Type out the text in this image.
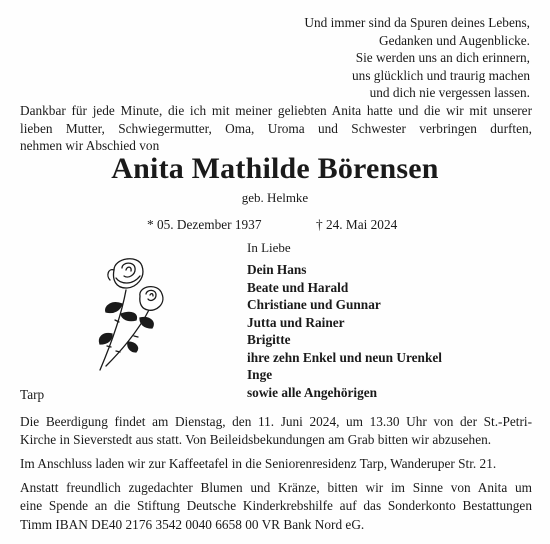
Und immer sind da Spuren deines Lebens,
Gedanken und Augenblicke.
Sie werden uns an dich erinnern,
uns glücklich und traurig machen
und dich nie vergessen lassen.
Dankbar für jede Minute, die ich mit meiner geliebten Anita hatte und die wir mit unserer
lieben Mutter, Schwiegermutter, Oma, Uroma und Schwester verbringen durften,
nehmen wir Abschied von
Anita Mathilde Börensen
geb. Helmke
* 05. Dezember 1937	† 24. Mai 2024
In Liebe
Dein Hans
Beate und Harald
Christiane und Gunnar
Jutta und Rainer
Brigitte
ihre zehn Enkel und neun Urenkel
Inge
sowie alle Angehörigen
Tarp
Die Beerdigung findet am Dienstag, den 11. Juni 2024, um 13.30 Uhr von der St.-Petri-
Kirche in Sieverstedt aus statt. Von Beileidsbekundungen am Grab bitten wir abzusehen.
Im Anschluss laden wir zur Kaffeetafel in die Seniorenresidenz Tarp, Wanderuper Str. 21.
Anstatt freundlich zugedachter Blumen und Kränze, bitten wir im Sinne von Anita um
eine Spende an die Stiftung Deutsche Kinderkrebshilfe auf das Sonderkonto Bestattungen
Timm IBAN DE40 2176 3542 0040 6658 00 VR Bank Nord eG.
